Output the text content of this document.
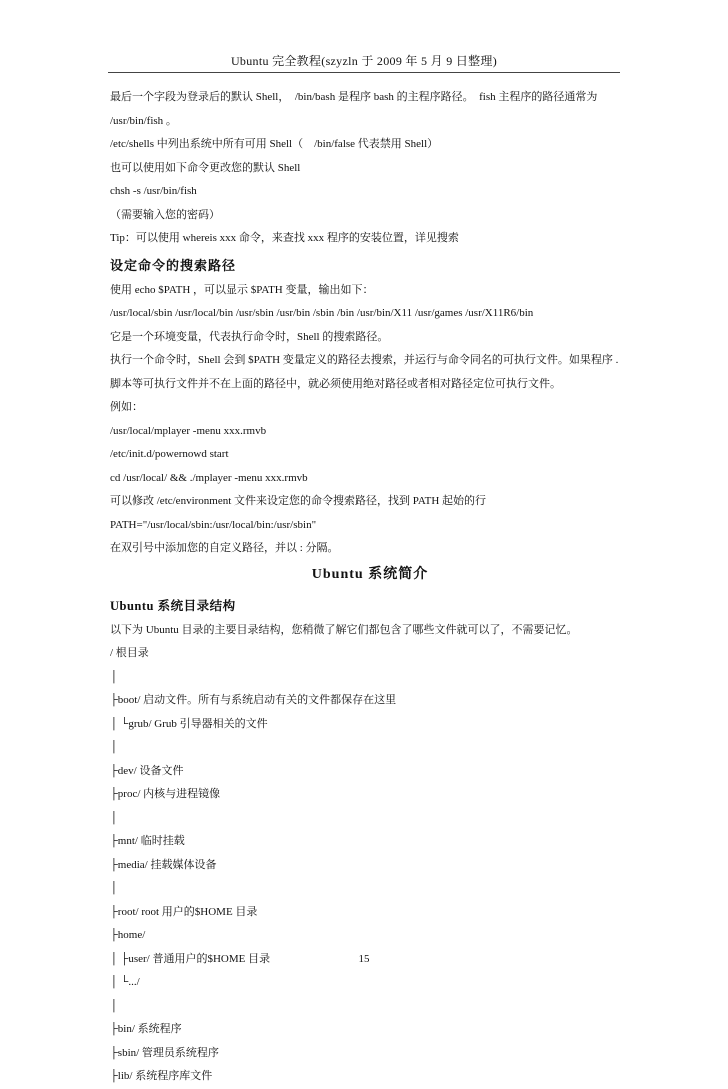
Ubuntu 完全教程(szyzln 于 2009 年 5 月 9 日整理)
最后一个字段为登录后的默认 Shell，　/bin/bash 是程序 bash 的主程序路径。　fish 主程序的路径通常为
/usr/bin/fish 。
/etc/shells 中列出系统中所有可用 Shell（　/bin/false 代表禁用 Shell）
也可以使用如下命令更改您的默认 Shell
chsh -s /usr/bin/fish
（需要输入您的密码）
Tip：可以使用 whereis xxx 命令，来查找 xxx 程序的安装位置，详见搜索
设定命令的搜索路径
使用 echo $PATH ，可以显示 $PATH 变量，输出如下：
/usr/local/sbin /usr/local/bin /usr/sbin /usr/bin /sbin /bin /usr/bin/X11 /usr/games /usr/X11R6/bin
它是一个环境变量，代表执行命令时，Shell 的搜索路径。
执行一个命令时，Shell 会到 $PATH 变量定义的路径去搜索，并运行与命令同名的可执行文件。如果程序 .
脚本等可执行文件并不在上面的路径中，就必须使用绝对路径或者相对路径定位可执行文件。
例如：
/usr/local/mplayer -menu xxx.rmvb
/etc/init.d/powernowd start
cd /usr/local/ && ./mplayer -menu xxx.rmvb
可以修改 /etc/environment 文件来设定您的命令搜索路径，找到 PATH 起始的行
PATH="/usr/local/sbin:/usr/local/bin:/usr/sbin"
在双引号中添加您的自定义路径，并以 : 分隔。
Ubuntu 系统简介
Ubuntu 系统目录结构
以下为 Ubuntu 目录的主要目录结构，您稍微了解它们都包含了哪些文件就可以了，不需要记忆。
/ 根目录
│
├boot/ 启动文件。所有与系统启动有关的文件都保存在这里
│ └grub/ Grub 引导器相关的文件
│
├dev/ 设备文件
├proc/ 内核与进程镜像
│
├mnt/ 临时挂载
├media/ 挂载媒体设备
│
├root/ root 用户的$HOME 目录
├home/
│ ├user/ 普通用户的$HOME 目录
│ └.../
│
├bin/ 系统程序
├sbin/ 管理员系统程序
├lib/ 系统程序库文件
15
